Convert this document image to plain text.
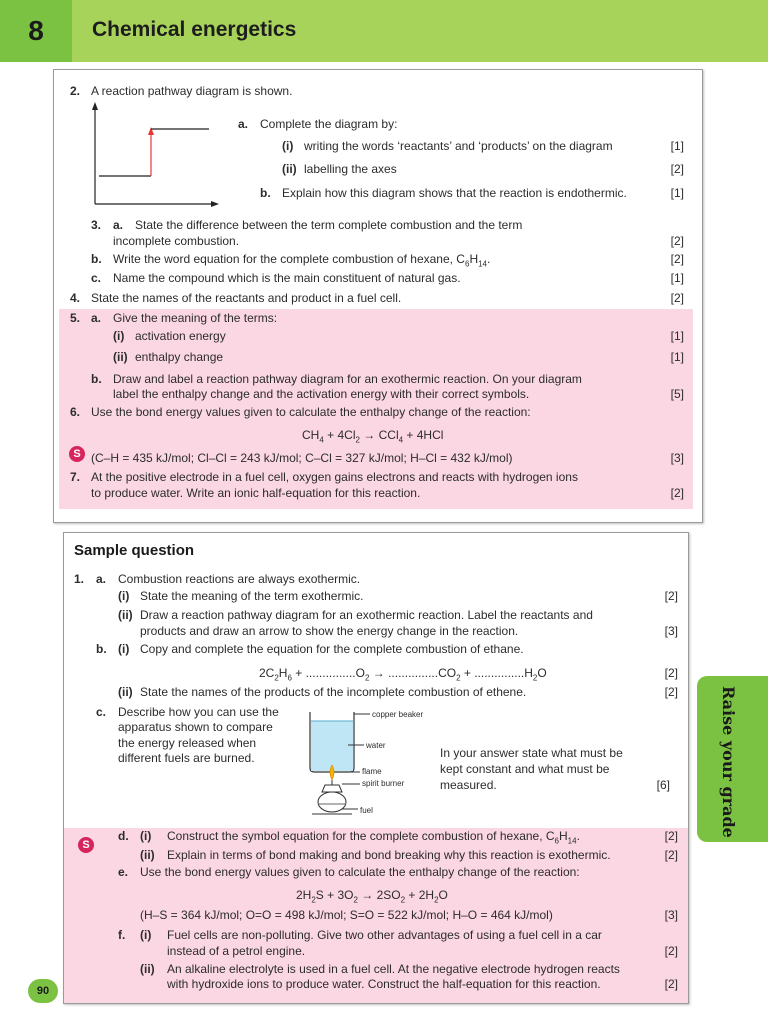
8	Chemical energetics
2. A reaction pathway diagram is shown.
a. Complete the diagram by:
(i) writing the words ‘reactants’ and ‘products’ on the diagram	[1]
(ii) labelling the axes	[2]
b. Explain how this diagram shows that the reaction is endothermic.	[1]
3. a. State the difference between the term complete combustion and the term
incomplete combustion.	[2]
b. Write the word equation for the complete combustion of hexane, $C_6H_{14}$.	[2]
c. Name the compound which is the main constituent of natural gas.	[1]
4. State the names of the reactants and product in a fuel cell.	[2]
5. a. Give the meaning of the terms:
(i) activation energy	[1]
(ii) enthalpy change	[1]
b. Draw and label a reaction pathway diagram for an exothermic reaction. On your diagram
label the enthalpy change and the activation energy with their correct symbols.	[5]
6. Use the bond energy values given to calculate the enthalpy change of the reaction:
$CH_4 + 4Cl_2 \to CCl_4 + 4HCl$
S (C–H = 435 kJ/mol; Cl–Cl = 243 kJ/mol; C–Cl = 327 kJ/mol; H–Cl = 432 kJ/mol)	[3]
7. At the positive electrode in a fuel cell, oxygen gains electrons and reacts with hydrogen ions
to produce water. Write an ionic half-equation for this reaction.	[2]
Sample question
1. a. Combustion reactions are always exothermic.
(i) State the meaning of the term exothermic.	[2]
(ii) Draw a reaction pathway diagram for an exothermic reaction. Label the reactants and
products and draw an arrow to show the energy change in the reaction.	[3]
b. (i) Copy and complete the equation for the complete combustion of ethane.
$2C_2H_6 + ...............O_2 \to ...............CO_2 + ...............H_2O$	[2]
(ii) State the names of the products of the incomplete combustion of ethene.	[2]
c. Describe how you can use the
apparatus shown to compare
the energy released when
different fuels are burned.
copper beaker
water
flame
spirit burner
fuel
In your answer state what must be
kept constant and what must be
measured.	[6]
S
d. (i) Construct the symbol equation for the complete combustion of hexane, $C_6H_{14}$.	[2]
(ii) Explain in terms of bond making and bond breaking why this reaction is exothermic.	[2]
e. Use the bond energy values given to calculate the enthalpy change of the reaction:
$2H_2S + 3O_2 \to 2SO_2 + 2H_2O$
(H–S = 364 kJ/mol; O=O = 498 kJ/mol; S=O = 522 kJ/mol; H–O = 464 kJ/mol)	[3]
f. (i) Fuel cells are non-polluting. Give two other advantages of using a fuel cell in a car
instead of a petrol engine.	[2]
(ii) An alkaline electrolyte is used in a fuel cell. At the negative electrode hydrogen reacts
with hydroxide ions to produce water. Construct the half-equation for this reaction.	[2]
Raise your grade
90
